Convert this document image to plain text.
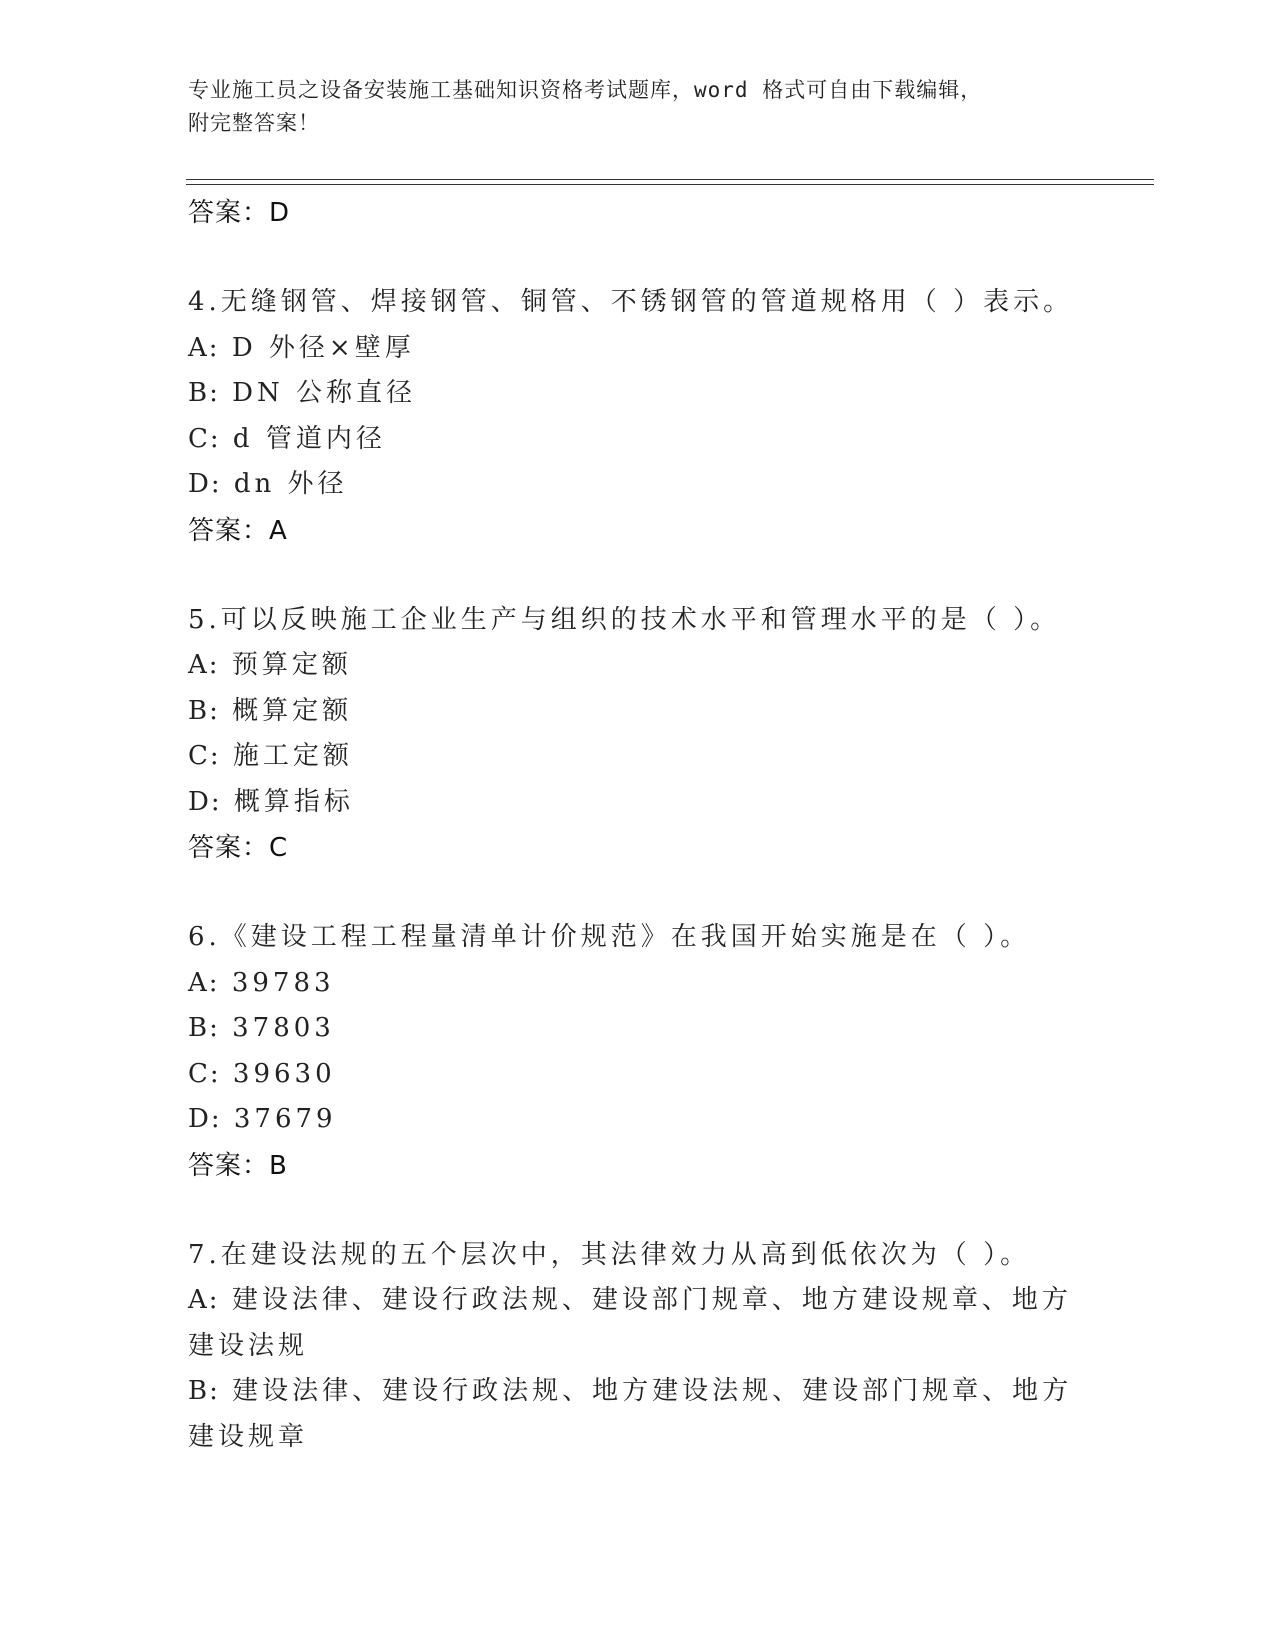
专业施工员之设备安装施工基础知识资格考试题库，word 格式可自由下载编辑，
附完整答案！
答案：D
4.无缝钢管、焊接钢管、铜管、不锈钢管的管道规格用（ ）表示。
A: D 外径×壁厚
B: DN 公称直径
C: d 管道内径
D: dn 外径
答案：A
5.可以反映施工企业生产与组织的技术水平和管理水平的是（ ）。
A: 预算定额
B: 概算定额
C: 施工定额
D: 概算指标
答案：C
6.《建设工程工程量清单计价规范》在我国开始实施是在（ ）。
A: 39783
B: 37803
C: 39630
D: 37679
答案：B
7.在建设法规的五个层次中，其法律效力从高到低依次为（ ）。
A: 建设法律、建设行政法规、建设部门规章、地方建设规章、地方建设法规
B: 建设法律、建设行政法规、地方建设法规、建设部门规章、地方建设规章
